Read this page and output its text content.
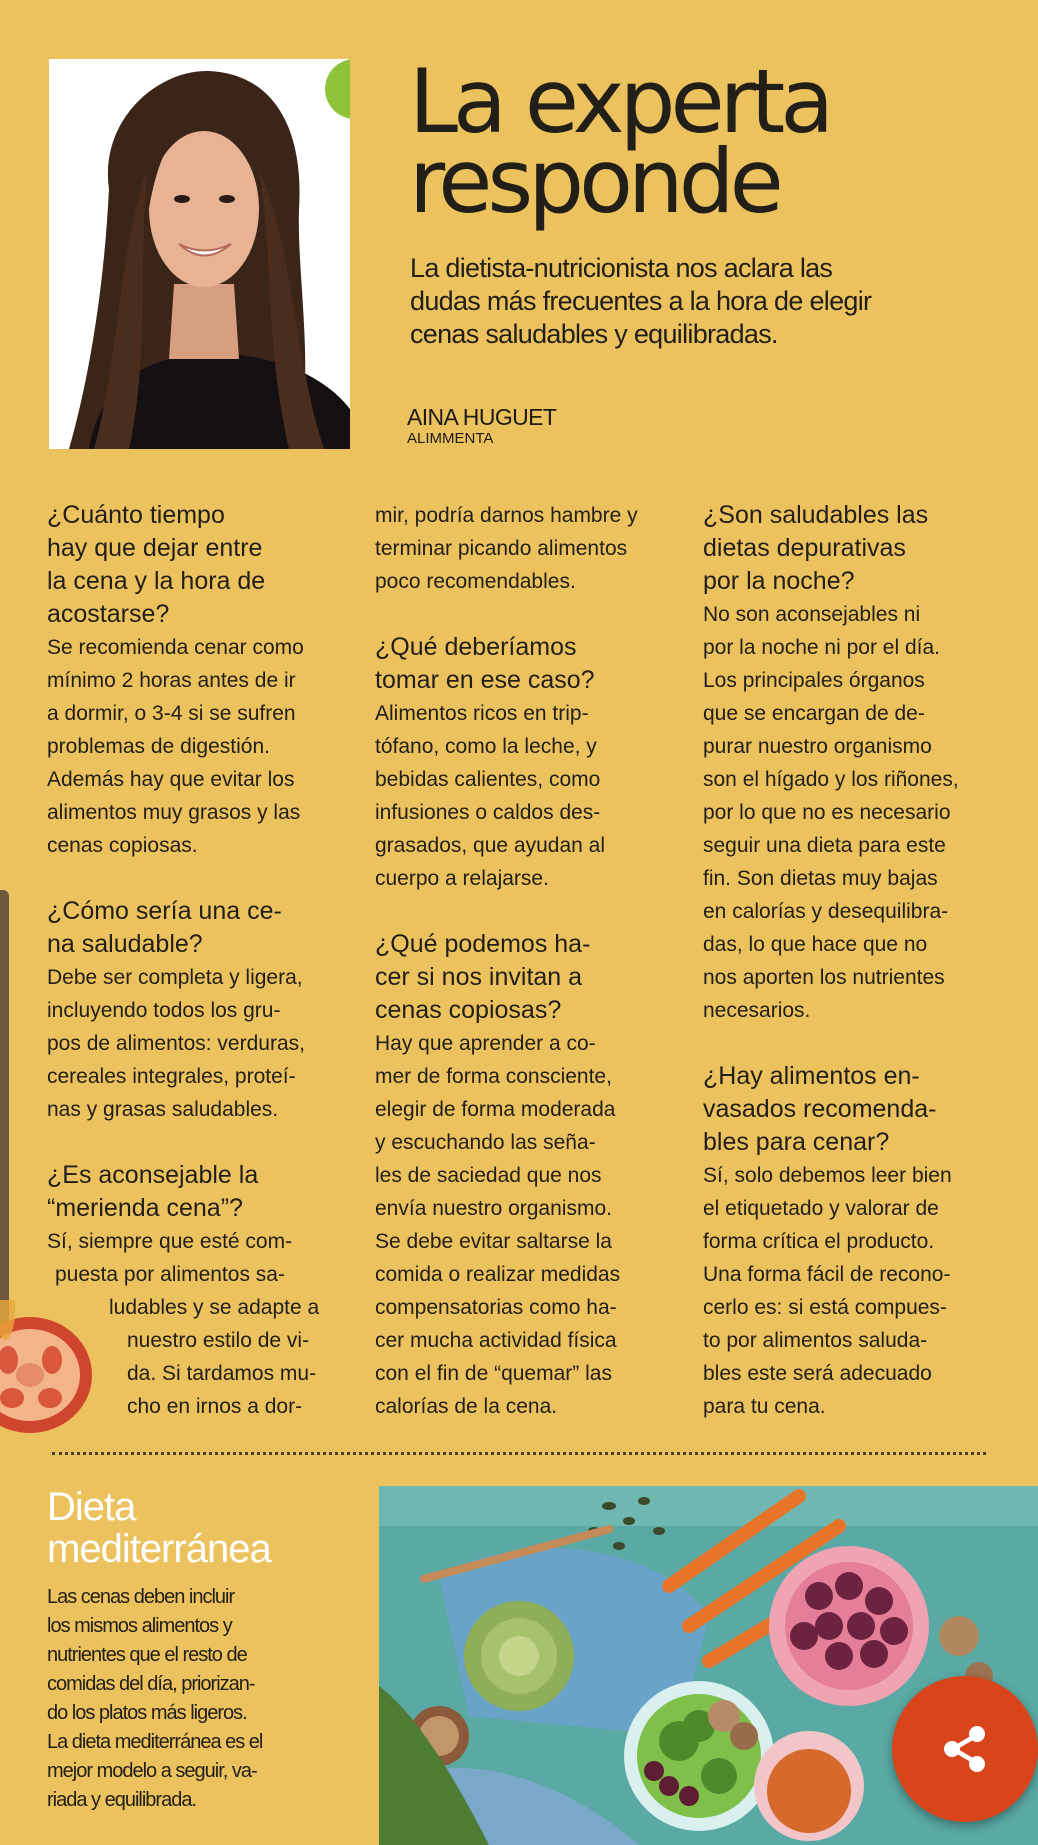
La experta
responde

La dietista-nutricionista nos aclara las dudas más frecuentes a la hora de elegir cenas saludables y equilibradas.

AINA HUGUET
ALIMMENTA
¿Cuánto tiempo
hay que dejar entre
la cena y la hora de
acostarse?
Se recomienda cenar como
mínimo 2 horas antes de ir
a dormir, o 3-4 si se sufren
problemas de digestión.
Además hay que evitar los
alimentos muy grasos y las
cenas copiosas.
¿Cómo sería una ce-
na saludable?
Debe ser completa y ligera,
incluyendo todos los gru-
pos de alimentos: verduras,
cereales integrales, proteí-
nas y grasas saludables.
¿Es aconsejable la
“merienda cena”?
Sí, siempre que esté com-
puesta por alimentos sa-
ludables y se adapte a
nuestro estilo de vi-
da. Si tardamos mu-
cho en irnos a dor-
mir, podría darnos hambre y
terminar picando alimentos
poco recomendables.
¿Qué deberíamos
tomar en ese caso?
Alimentos ricos en trip-
tófano, como la leche, y
bebidas calientes, como
infusiones o caldos des-
grasados, que ayudan al
cuerpo a relajarse.
¿Qué podemos ha-
cer si nos invitan a
cenas copiosas?
Hay que aprender a co-
mer de forma consciente,
elegir de forma moderada
y escuchando las seña-
les de saciedad que nos
envía nuestro organismo.
Se debe evitar saltarse la
comida o realizar medidas
compensatorias como ha-
cer mucha actividad física
con el fin de “quemar” las
calorías de la cena.
¿Son saludables las
dietas depurativas
por la noche?
No son aconsejables ni
por la noche ni por el día.
Los principales órganos
que se encargan de de-
purar nuestro organismo
son el hígado y los riñones,
por lo que no es necesario
seguir una dieta para este
fin. Son dietas muy bajas
en calorías y desequilibra-
das, lo que hace que no
nos aporten los nutrientes
necesarios.
¿Hay alimentos en-
vasados recomenda-
bles para cenar?
Sí, solo debemos leer bien
el etiquetado y valorar de
forma crítica el producto.
Una forma fácil de recono-
cerlo es: si está compues-
to por alimentos saluda-
bles este será adecuado
para tu cena.
Dieta
mediterránea
Las cenas deben incluir
los mismos alimentos y
nutrientes que el resto de
comidas del día, priorizan-
do los platos más ligeros.
La dieta mediterránea es el
mejor modelo a seguir, va-
riada y equilibrada.
